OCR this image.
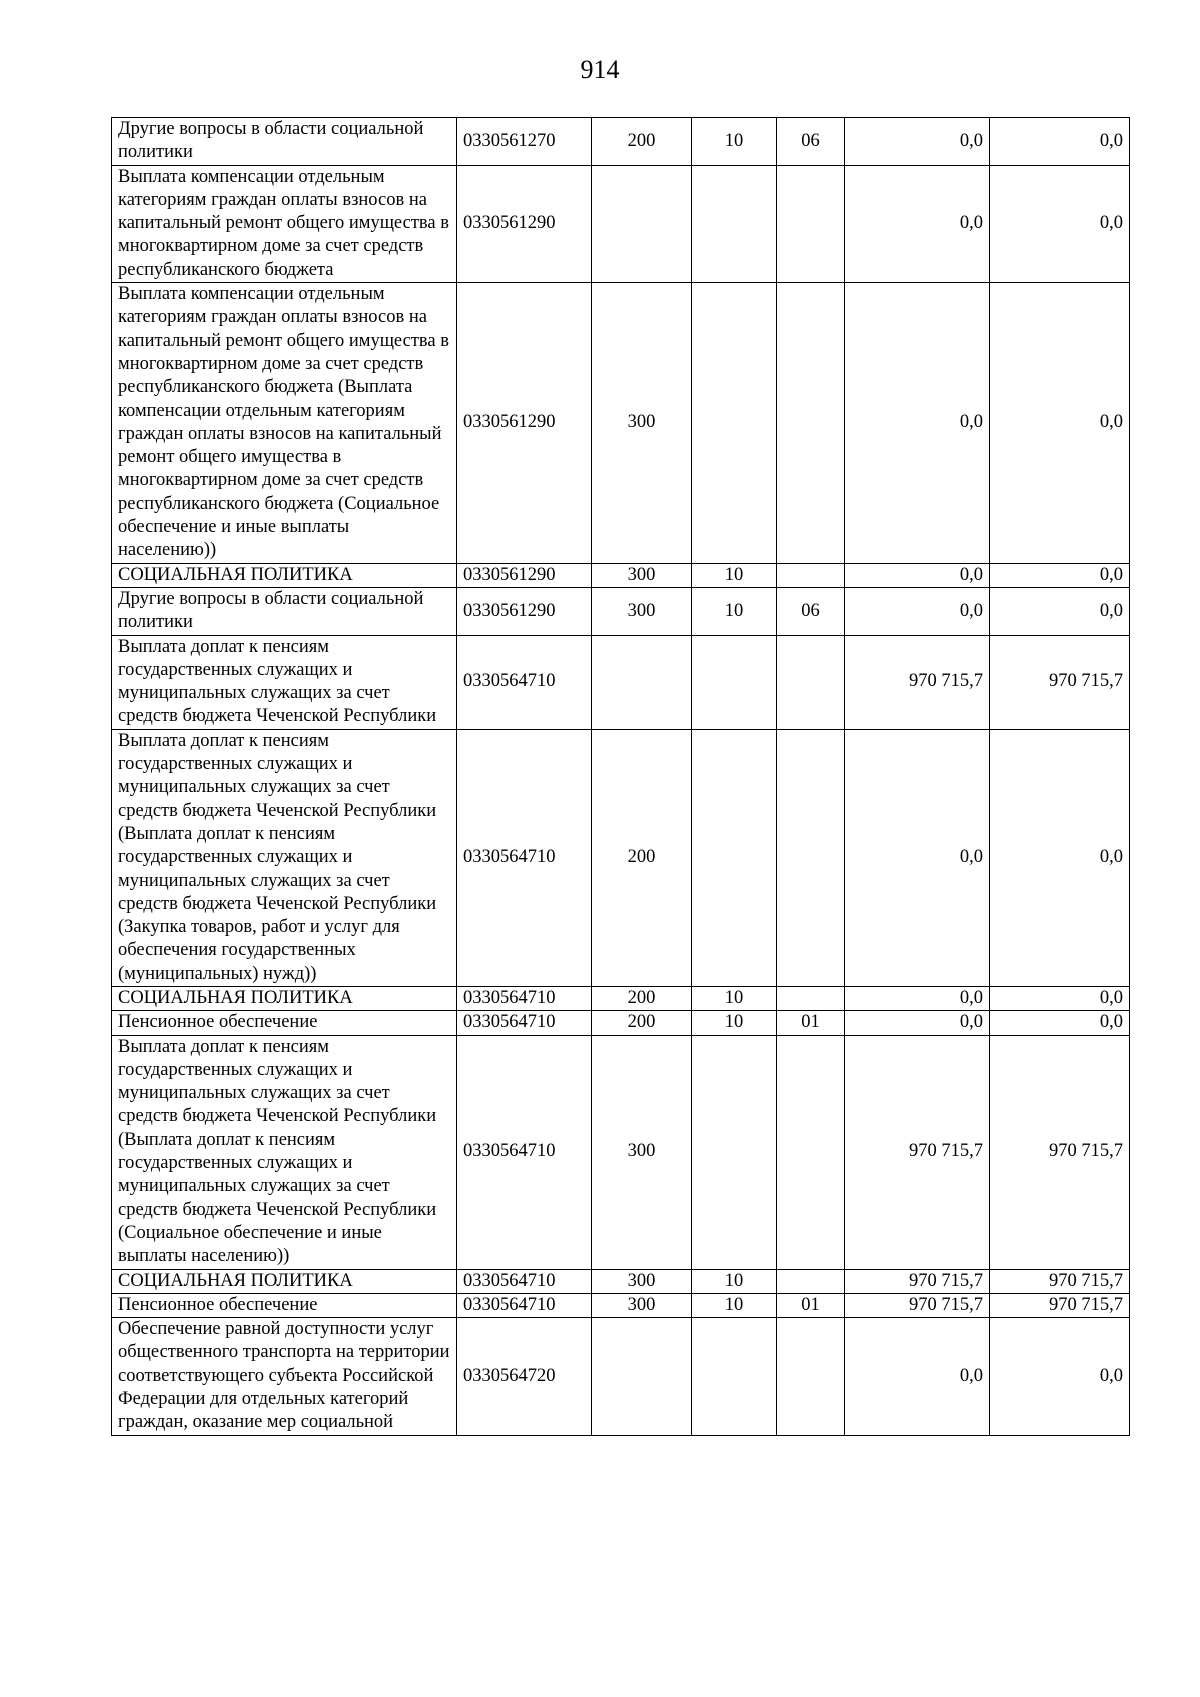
914
Другие вопросы в области социальной политики	0330561270	200	10	06	0,0	0,0
Выплата компенсации отдельным категориям граждан оплаты взносов на капитальный ремонт общего имущества в многоквартирном доме за счет средств республиканского бюджета	0330561290				0,0	0,0
Выплата компенсации отдельным категориям граждан оплаты взносов на капитальный ремонт общего имущества в многоквартирном доме за счет средств республиканского бюджета (Выплата компенсации отдельным категориям граждан оплаты взносов на капитальный ремонт общего имущества в многоквартирном доме за счет средств республиканского бюджета (Социальное обеспечение и иные выплаты населению))	0330561290	300			0,0	0,0
СОЦИАЛЬНАЯ ПОЛИТИКА	0330561290	300	10		0,0	0,0
Другие вопросы в области социальной политики	0330561290	300	10	06	0,0	0,0
Выплата доплат к пенсиям государственных служащих и муниципальных служащих за счет средств бюджета Чеченской Республики	0330564710				970 715,7	970 715,7
Выплата доплат к пенсиям государственных служащих и муниципальных служащих за счет средств бюджета Чеченской Республики (Выплата доплат к пенсиям государственных служащих и муниципальных служащих за счет средств бюджета Чеченской Республики (Закупка товаров, работ и услуг для обеспечения государственных (муниципальных) нужд))	0330564710	200			0,0	0,0
СОЦИАЛЬНАЯ ПОЛИТИКА	0330564710	200	10		0,0	0,0
Пенсионное обеспечение	0330564710	200	10	01	0,0	0,0
Выплата доплат к пенсиям государственных служащих и муниципальных служащих за счет средств бюджета Чеченской Республики (Выплата доплат к пенсиям государственных служащих и муниципальных служащих за счет средств бюджета Чеченской Республики (Социальное обеспечение и иные выплаты населению))	0330564710	300			970 715,7	970 715,7
СОЦИАЛЬНАЯ ПОЛИТИКА	0330564710	300	10		970 715,7	970 715,7
Пенсионное обеспечение	0330564710	300	10	01	970 715,7	970 715,7
Обеспечение равной доступности услуг общественного транспорта на территории соответствующего субъекта Российской Федерации для отдельных категорий граждан, оказание мер социальной	0330564720				0,0	0,0
